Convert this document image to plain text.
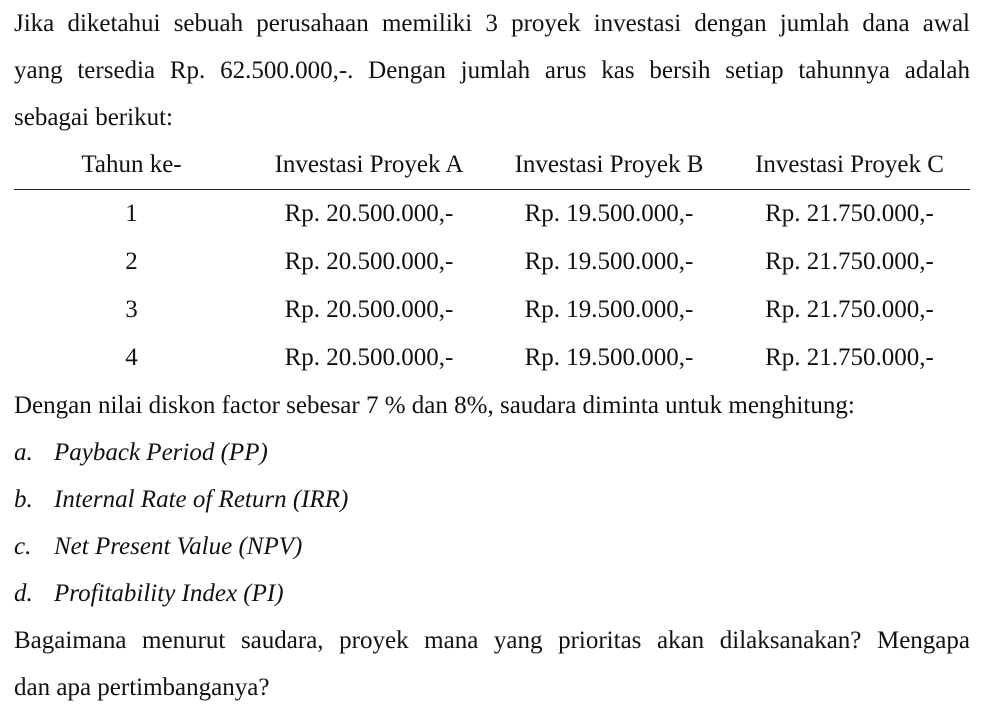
Jika diketahui sebuah perusahaan memiliki 3 proyek investasi dengan jumlah dana awal
yang tersedia Rp. 62.500.000,-. Dengan jumlah arus kas bersih setiap tahunnya adalah
sebagai berikut:
Tahun ke-	Investasi Proyek A	Investasi Proyek B	Investasi Proyek C
1	Rp. 20.500.000,-	Rp. 19.500.000,-	Rp. 21.750.000,-
2	Rp. 20.500.000,-	Rp. 19.500.000,-	Rp. 21.750.000,-
3	Rp. 20.500.000,-	Rp. 19.500.000,-	Rp. 21.750.000,-
4	Rp. 20.500.000,-	Rp. 19.500.000,-	Rp. 21.750.000,-

Dengan nilai diskon factor sebesar 7 % dan 8%, saudara diminta untuk menghitung:

a. Payback Period (PP)
b. Internal Rate of Return (IRR)
c. Net Present Value (NPV)
d. Profitability Index (PI)
Bagaimana menurut saudara, proyek mana yang prioritas akan dilaksanakan? Mengapa
dan apa pertimbanganya?
